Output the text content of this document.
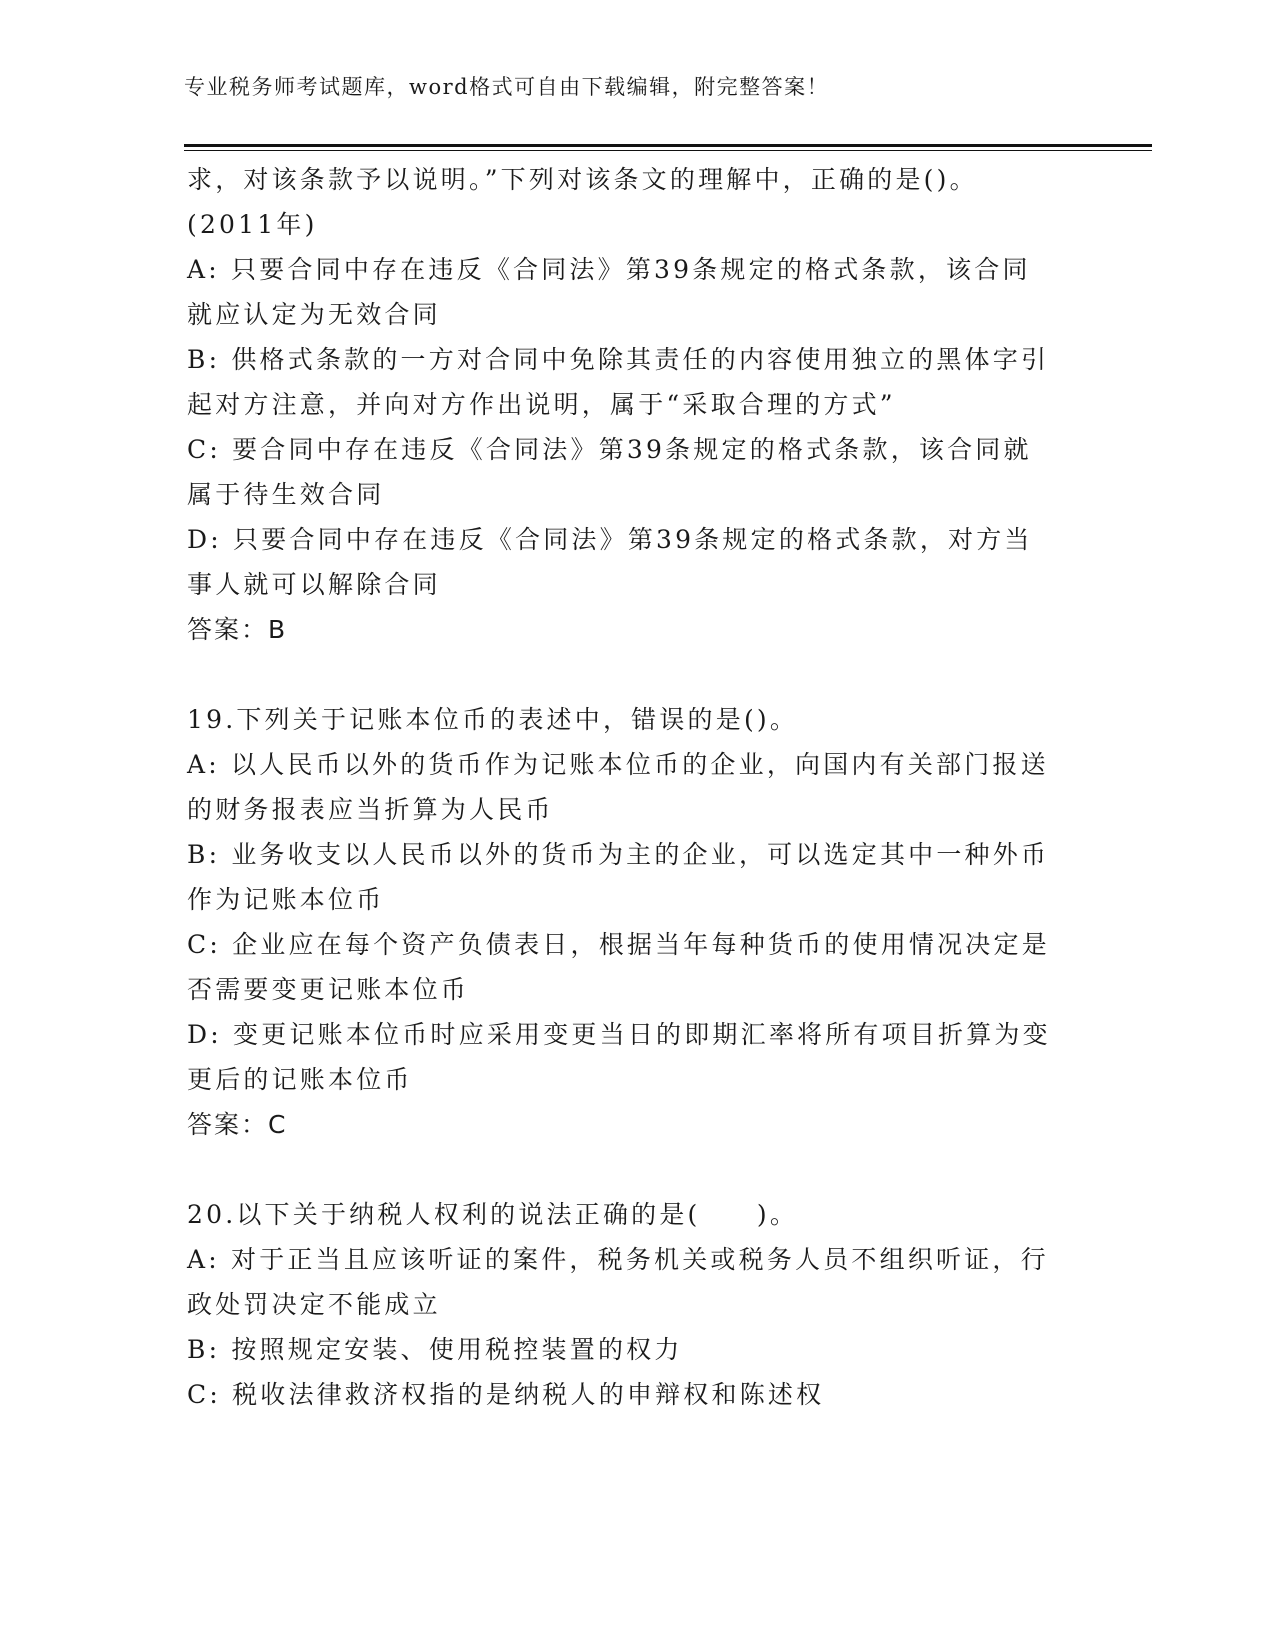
专业税务师考试题库，word格式可自由下载编辑，附完整答案！
求，对该条款予以说明。”下列对该条文的理解中，正确的是()。
(2011年)
A: 只要合同中存在违反《合同法》第39条规定的格式条款，该合同
就应认定为无效合同
B: 供格式条款的一方对合同中免除其责任的内容使用独立的黑体字引
起对方注意，并向对方作出说明，属于“采取合理的方式”
C: 要合同中存在违反《合同法》第39条规定的格式条款，该合同就
属于待生效合同
D: 只要合同中存在违反《合同法》第39条规定的格式条款，对方当
事人就可以解除合同
答案：B
19.下列关于记账本位币的表述中，错误的是()。
A: 以人民币以外的货币作为记账本位币的企业，向国内有关部门报送
的财务报表应当折算为人民币
B: 业务收支以人民币以外的货币为主的企业，可以选定其中一种外币
作为记账本位币
C: 企业应在每个资产负债表日，根据当年每种货币的使用情况决定是
否需要变更记账本位币
D: 变更记账本位币时应采用变更当日的即期汇率将所有项目折算为变
更后的记账本位币
答案：C
20.以下关于纳税人权利的说法正确的是(　　)。
A: 对于正当且应该听证的案件，税务机关或税务人员不组织听证，行
政处罚决定不能成立
B: 按照规定安装、使用税控装置的权力
C: 税收法律救济权指的是纳税人的申辩权和陈述权
